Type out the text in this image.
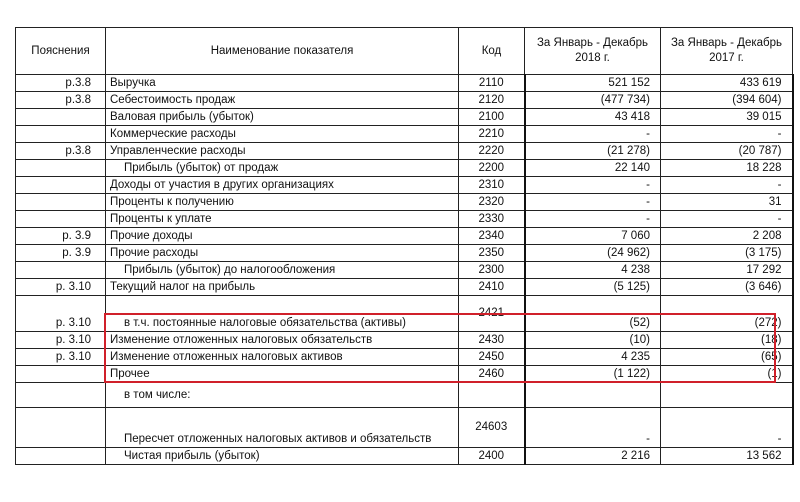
Пояснения	Наименование показателя	Код	За Январь - Декабрь 2018 г.	За Январь - Декабрь 2017 г.
р.3.8	Выручка	2110	521 152	433 619
р.3.8	Себестоимость продаж	2120	(477 734)	(394 604)
	Валовая прибыль (убыток)	2100	43 418	39 015
	Коммерческие расходы	2210	-	-
р.3.8	Управленческие расходы	2220	(21 278)	(20 787)
	Прибыль (убыток) от продаж	2200	22 140	18 228
	Доходы от участия в других организациях	2310	-	-
	Проценты к получению	2320	-	31
	Проценты к уплате	2330	-	-
р. 3.9	Прочие доходы	2340	7 060	2 208
р. 3.9	Прочие расходы	2350	(24 962)	(3 175)
	Прибыль (убыток) до налогообложения	2300	4 238	17 292
р. 3.10	Текущий налог на прибыль	2410	(5 125)	(3 646)
р. 3.10	в т.ч. постоянные налоговые обязательства (активы)	2421	(52)	(272)
р. 3.10	Изменение отложенных налоговых обязательств	2430	(10)	(18)
р. 3.10	Изменение отложенных налоговых активов	2450	4 235	(65)
	Прочее	2460	(1 122)	(1)
	в том числе:			
	Пересчет отложенных налоговых активов и обязательств	24603	-	-
	Чистая прибыль (убыток)	2400	2 216	13 562
